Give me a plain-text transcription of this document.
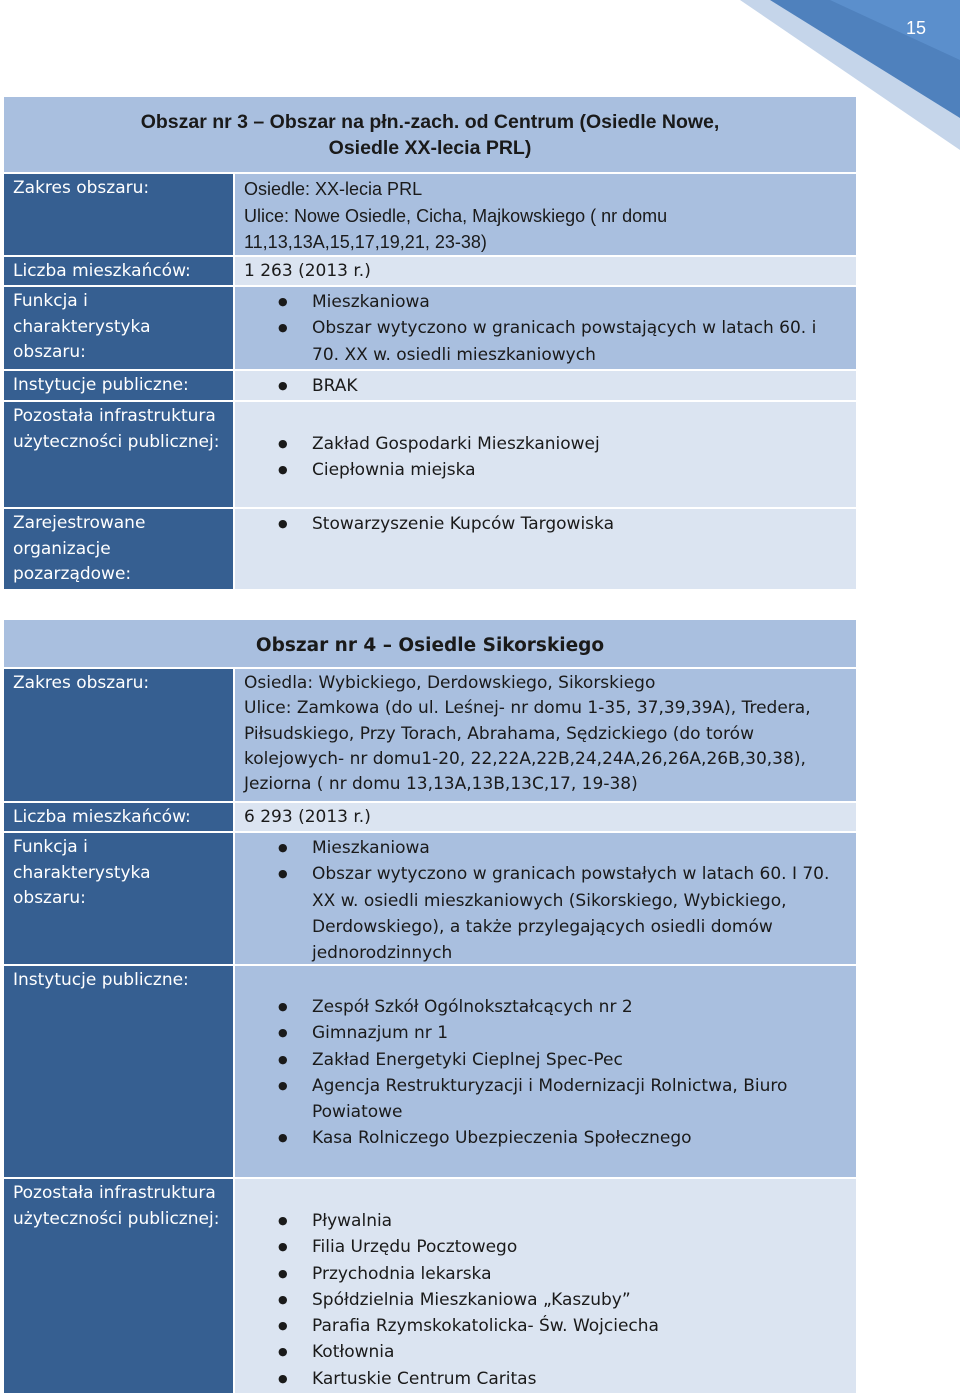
15
Obszar nr 3 – Obszar na płn.-zach. od Centrum (Osiedle Nowe,
Osiedle XX-lecia PRL)
Zakres obszaru:	Osiedle: XX-lecia PRL
Ulice: Nowe Osiedle, Cicha, Majkowskiego ( nr domu
11,13,13A,15,17,19,21, 23-38)
Liczba mieszkańców:	1 263 (2013 r.)
Funkcja i charakterystyka obszaru:
● Mieszkaniowa
● Obszar wytyczono w granicach powstających w latach 60. i 70. XX w. osiedli mieszkaniowych
Instytucje publiczne:	● BRAK
Pozostała infrastruktura użyteczności publicznej:	● Zakład Gospodarki Mieszkaniowej
● Ciepłownia miejska
Zarejestrowane organizacje pozarządowe:
● Stowarzyszenie Kupców Targowiska
Obszar nr 4 – Osiedle Sikorskiego
Zakres obszaru:	Osiedla: Wybickiego, Derdowskiego, Sikorskiego
Ulice: Zamkowa (do ul. Leśnej- nr domu 1-35, 37,39,39A), Tredera,
Piłsudskiego, Przy Torach, Abrahama, Sędzickiego (do torów
kolejowych- nr domu1-20, 22,22A,22B,24,24A,26,26A,26B,30,38),
Jeziorna ( nr domu 13,13A,13B,13C,17, 19-38)
Liczba mieszkańców:	6 293 (2013 r.)
Funkcja i charakterystyka obszaru:
● Mieszkaniowa
● Obszar wytyczono w granicach powstałych w latach 60. I 70. XX w. osiedli mieszkaniowych (Sikorskiego, Wybickiego, Derdowskiego), a także przylegających osiedli domów jednorodzinnych
Instytucje publiczne:
● Zespół Szkół Ogólnokształcących nr 2
● Gimnazjum nr 1
● Zakład Energetyki Cieplnej Spec-Pec
● Agencja Restrukturyzacji i Modernizacji Rolnictwa, Biuro Powiatowe
● Kasa Rolniczego Ubezpieczenia Społecznego
Pozostała infrastruktura użyteczności publicznej:	● Pływalnia
● Filia Urzędu Pocztowego
● Przychodnia lekarska
● Spółdzielnia Mieszkaniowa „Kaszuby”
● Parafia Rzymskokatolicka- Św. Wojciecha
● Kotłownia
● Kartuskie Centrum Caritas
